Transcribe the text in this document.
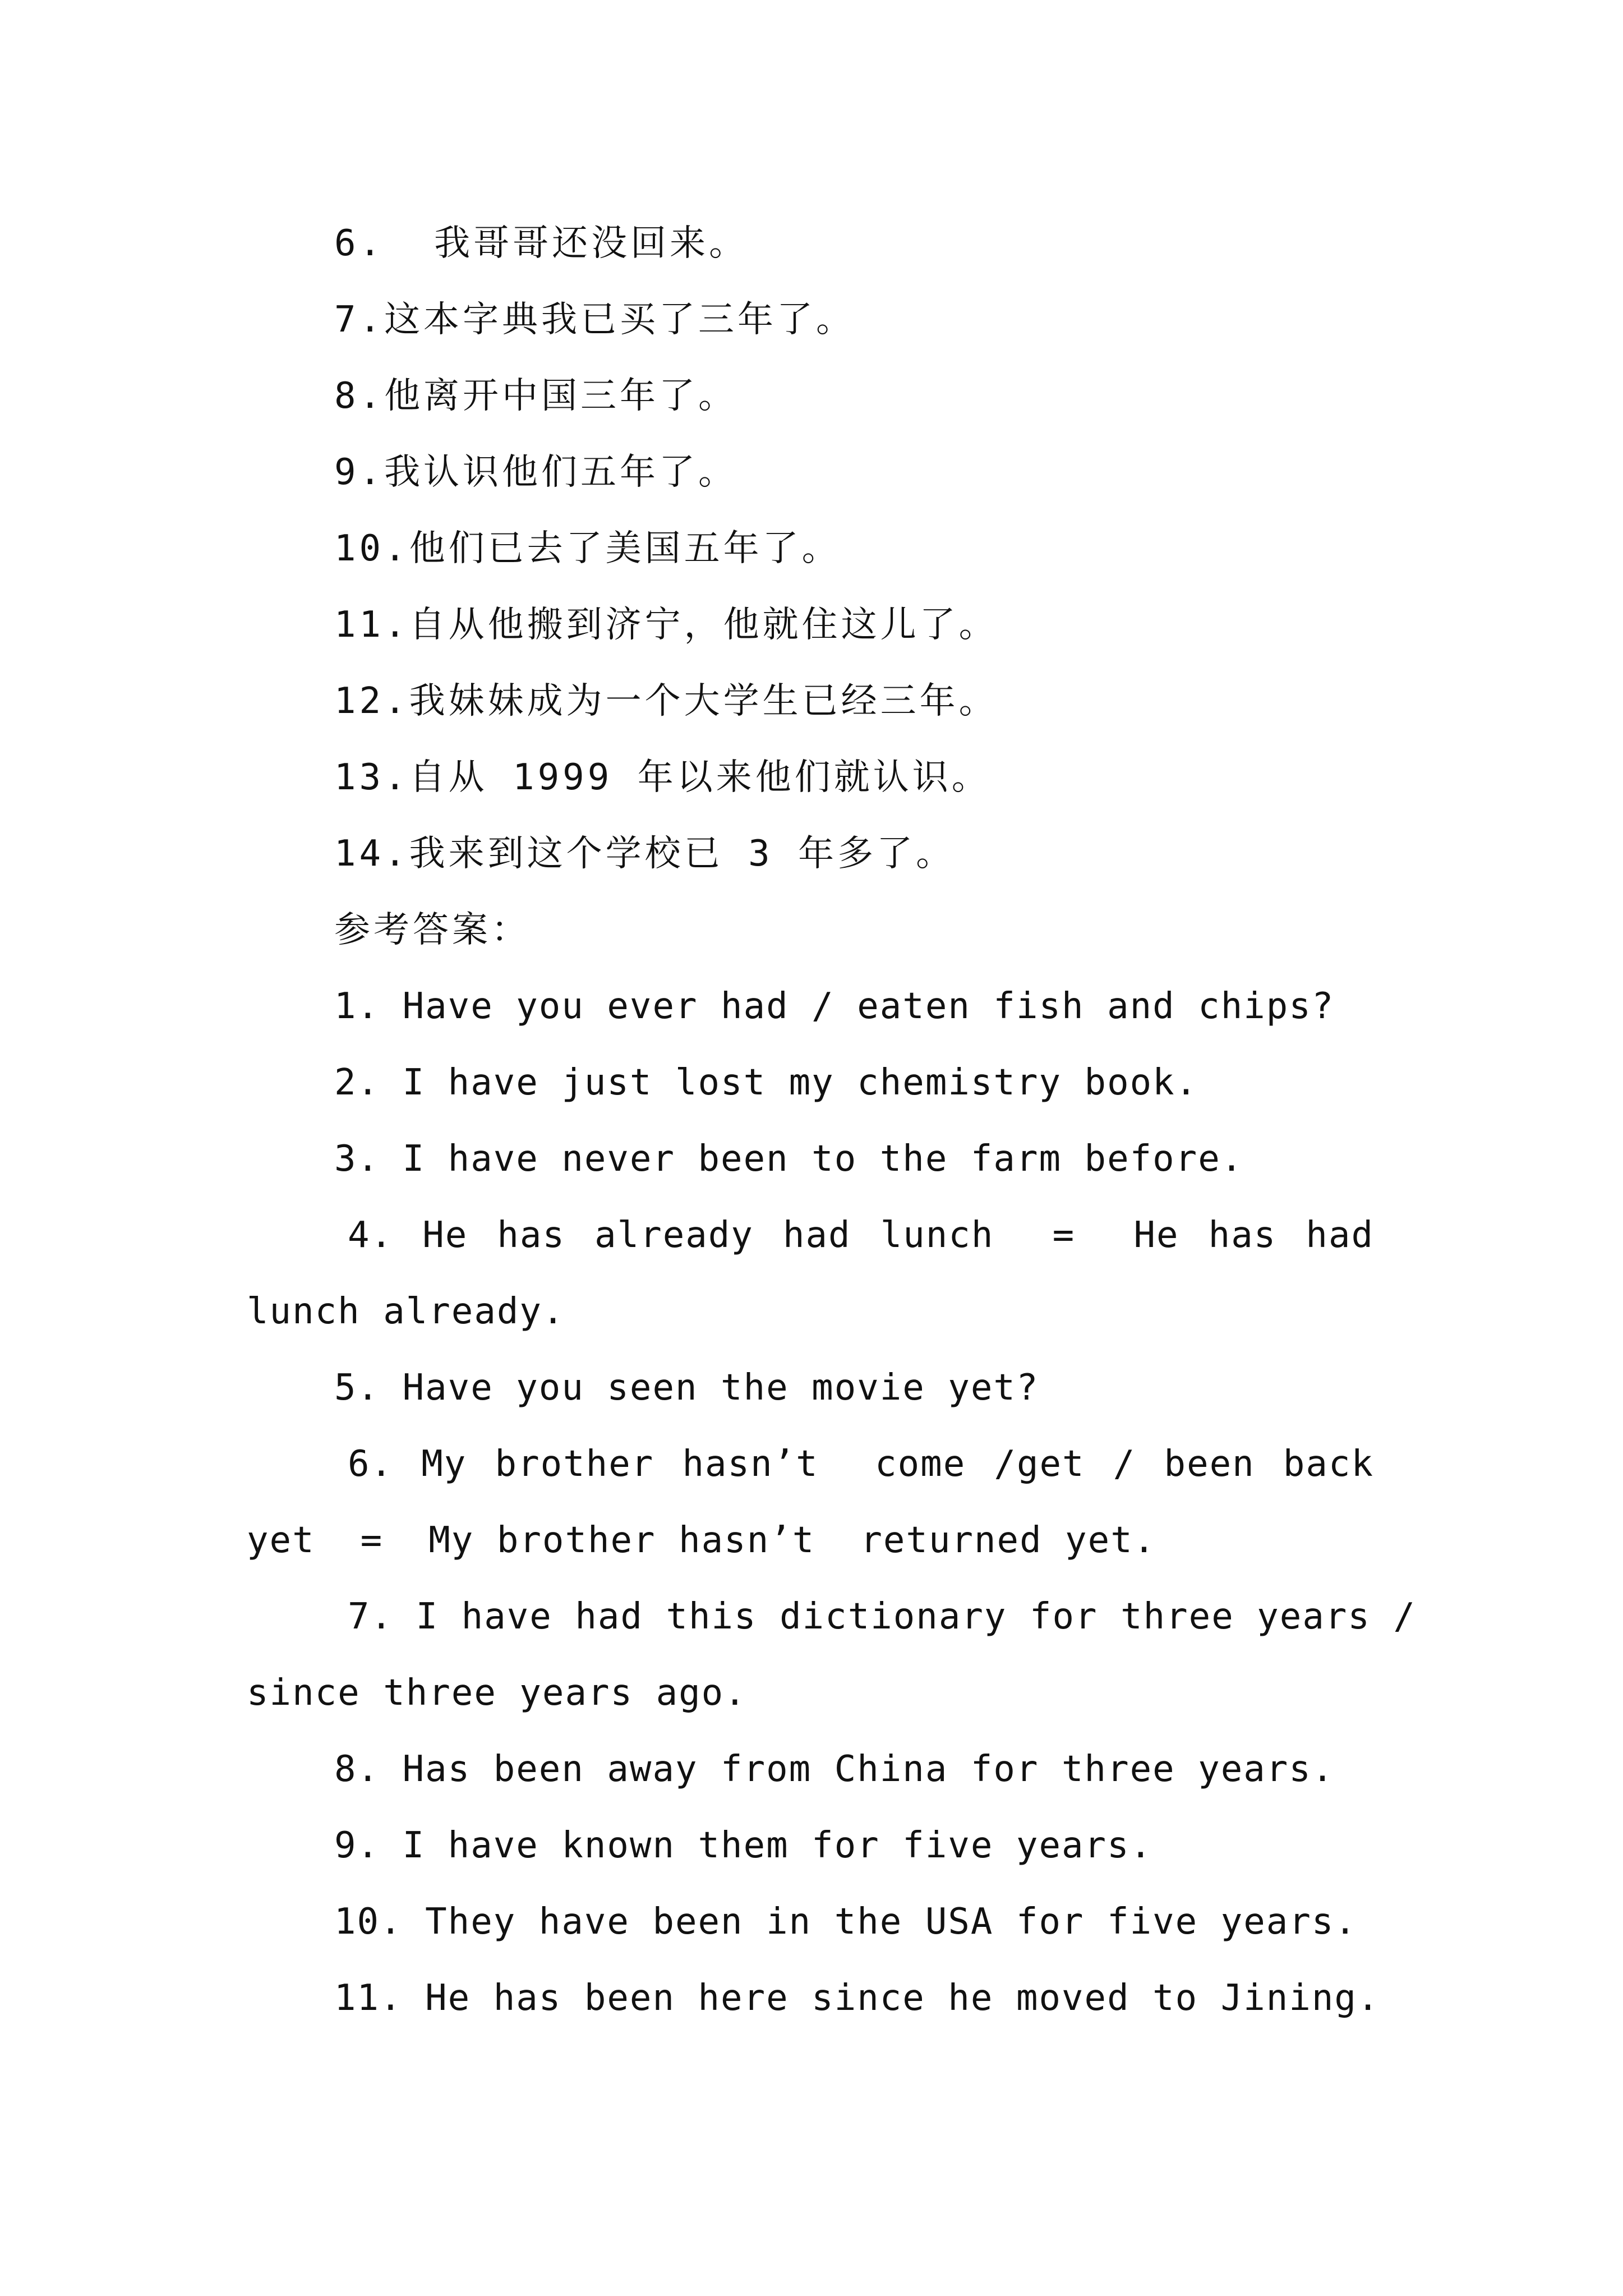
6.  我哥哥还没回来。
7.这本字典我已买了三年了。
8.他离开中国三年了。
9.我认识他们五年了。
10.他们已去了美国五年了。
11.自从他搬到济宁，他就住这儿了。
12.我妹妹成为一个大学生已经三年。
13.自从 1999 年以来他们就认识。
14.我来到这个学校已 3 年多了。
参考答案：
1. Have you ever had / eaten fish and chips?
2. I have just lost my chemistry book.
3. I have never been to the farm before.
4. He has already had lunch  =  He has had
lunch already.
5. Have you seen the movie yet?
6. My brother hasn’t  come /get / been back
yet  =  My brother hasn’t  returned yet.
7. I have had this dictionary for three years /
since three years ago.
8. Has been away from China for three years.
9. I have known them for five years.
10. They have been in the USA for five years.
11. He has been here since he moved to Jining.
